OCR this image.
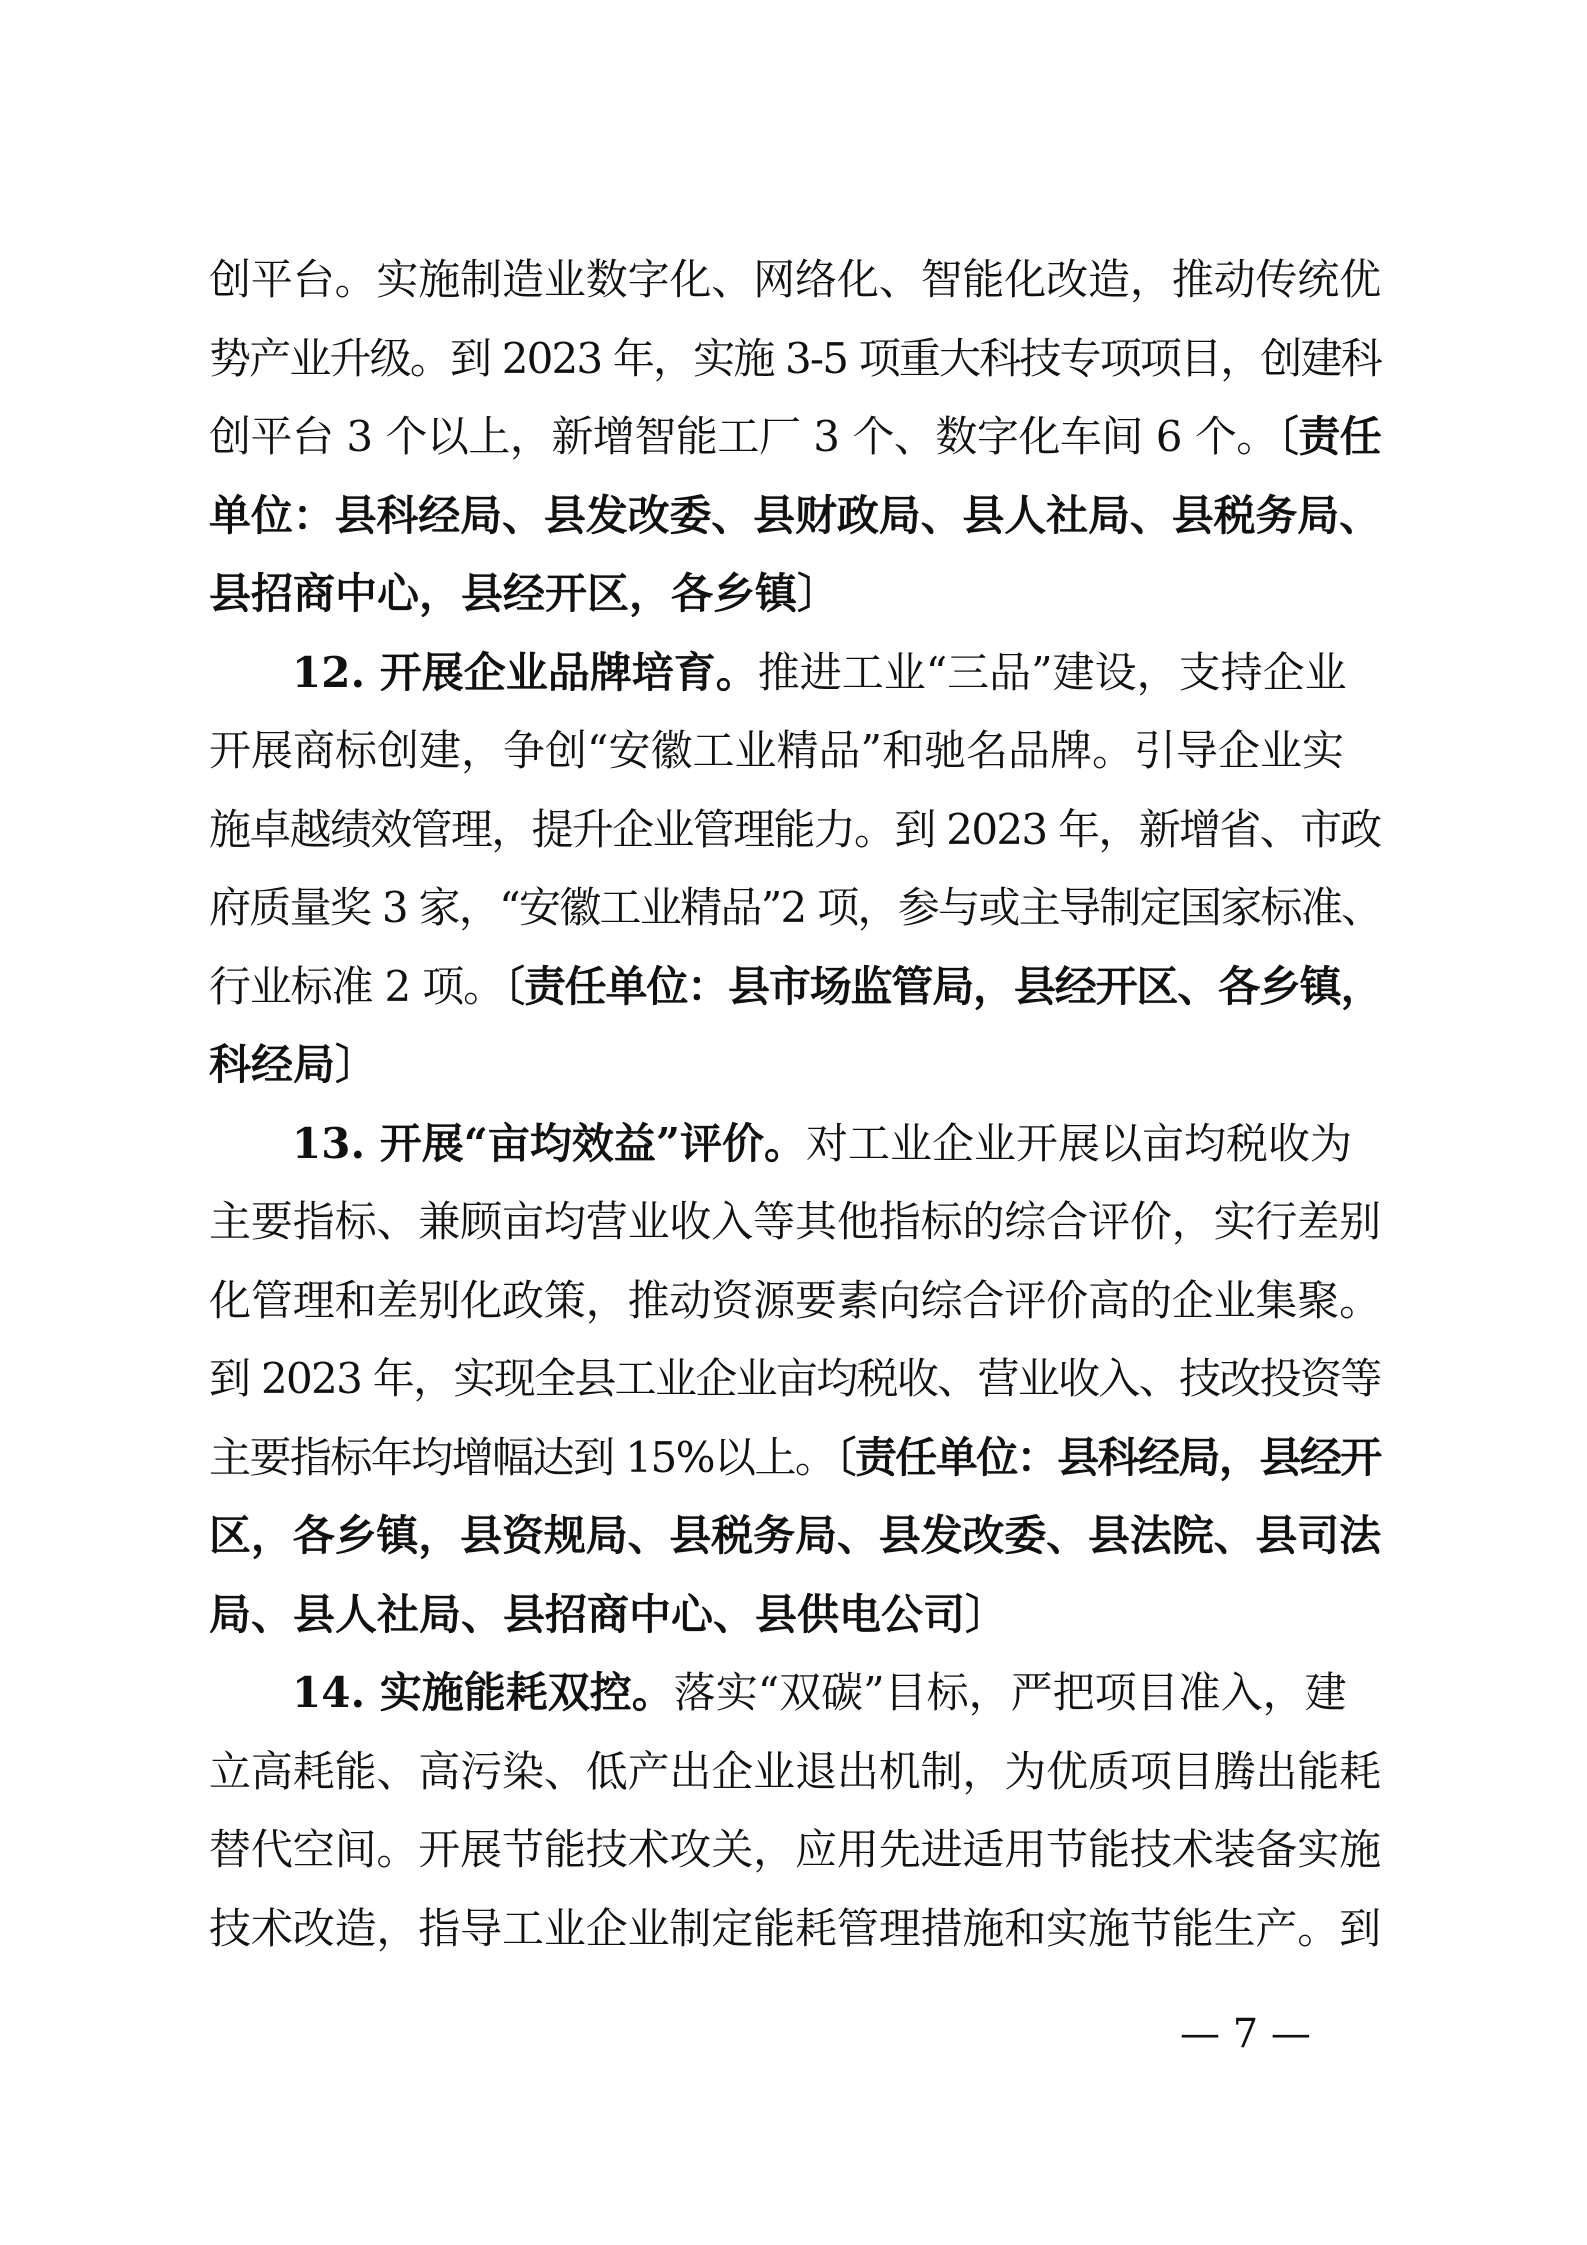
创平台。实施制造业数字化、网络化、智能化改造，推动传统优
势产业升级。到 2023 年，实施 3-5 项重大科技专项项目，创建科
创平台 3 个以上，新增智能工厂 3 个、数字化车间 6 个。〔责任
单位：县科经局、县发改委、县财政局、县人社局、县税务局、
县招商中心，县经开区，各乡镇〕
12. 开展企业品牌培育。推进工业“三品”建设，支持企业
开展商标创建，争创“安徽工业精品”和驰名品牌。引导企业实
施卓越绩效管理，提升企业管理能力。到 2023 年，新增省、市政
府质量奖 3 家，“安徽工业精品”2 项，参与或主导制定国家标准、
行业标准 2 项。〔责任单位：县市场监管局，县经开区、各乡镇，
科经局〕
13. 开展“亩均效益”评价。对工业企业开展以亩均税收为
主要指标、兼顾亩均营业收入等其他指标的综合评价，实行差别
化管理和差别化政策，推动资源要素向综合评价高的企业集聚。
到 2023 年，实现全县工业企业亩均税收、营业收入、技改投资等
主要指标年均增幅达到 15%以上。〔责任单位：县科经局，县经开
区，各乡镇，县资规局、县税务局、县发改委、县法院、县司法
局、县人社局、县招商中心、县供电公司〕
14. 实施能耗双控。落实“双碳”目标，严把项目准入，建
立高耗能、高污染、低产出企业退出机制，为优质项目腾出能耗
替代空间。开展节能技术攻关，应用先进适用节能技术装备实施
技术改造，指导工业企业制定能耗管理措施和实施节能生产。到
— 7 —
